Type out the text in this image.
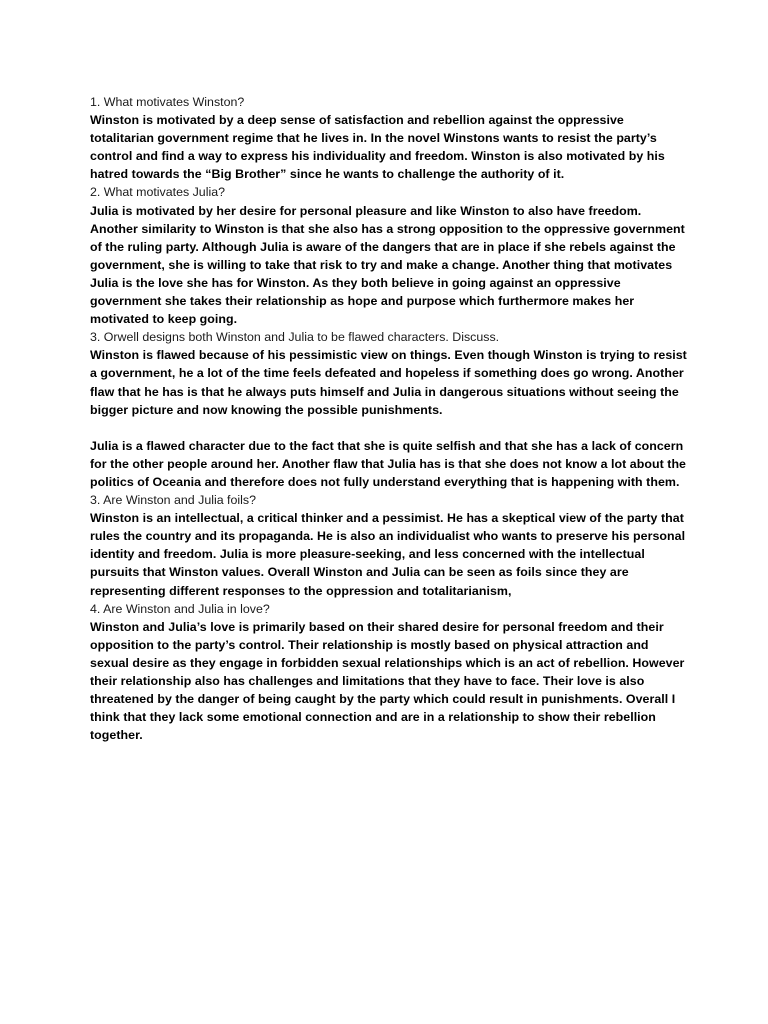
1. What motivates Winston?

Winston is motivated by a deep sense of satisfaction and rebellion against the oppressive totalitarian government regime that he lives in. In the novel Winstons wants to resist the party’s control and find a way to express his individuality and freedom. Winston is also motivated by his hatred towards the “Big Brother” since he wants to challenge the authority of it.

2. What motivates Julia?

Julia is motivated by her desire for personal pleasure and like Winston to also have freedom. Another similarity to Winston is that she also has a strong opposition to the oppressive government of the ruling party. Although Julia is aware of the dangers that are in place if she rebels against the government, she is willing to take that risk to try and make a change. Another thing that motivates Julia is the love she has for Winston. As they both believe in going against an oppressive government she takes their relationship as hope and purpose which furthermore makes her motivated to keep going.

3. Orwell designs both Winston and Julia to be flawed characters. Discuss.

Winston is flawed because of his pessimistic view on things. Even though Winston is trying to resist a government, he a lot of the time feels defeated and hopeless if something does go wrong. Another flaw that he has is that he always puts himself and Julia in dangerous situations without seeing the bigger picture and now knowing the possible punishments.

Julia is a flawed character due to the fact that she is quite selfish and that she has a lack of concern for the other people around her. Another flaw that Julia has is that she does not know a lot about the politics of Oceania and therefore does not fully understand everything that is happening with them.

3. Are Winston and Julia foils?

Winston is an intellectual, a critical thinker and a pessimist. He has a skeptical view of the party that rules the country and its propaganda. He is also an individualist who wants to preserve his personal identity and freedom. Julia is more pleasure-seeking, and less concerned with the intellectual pursuits that Winston values. Overall Winston and Julia can be seen as foils since they are representing different responses to the oppression and totalitarianism,

4. Are Winston and Julia in love?

Winston and Julia’s love is primarily based on their shared desire for personal freedom and their opposition to the party’s control. Their relationship is mostly based on physical attraction and sexual desire as they engage in forbidden sexual relationships which is an act of rebellion. However their relationship also has challenges and limitations that they have to face. Their love is also threatened by the danger of being caught by the party which could result in punishments. Overall I think that they lack some emotional connection and are in a relationship to show their rebellion together.
